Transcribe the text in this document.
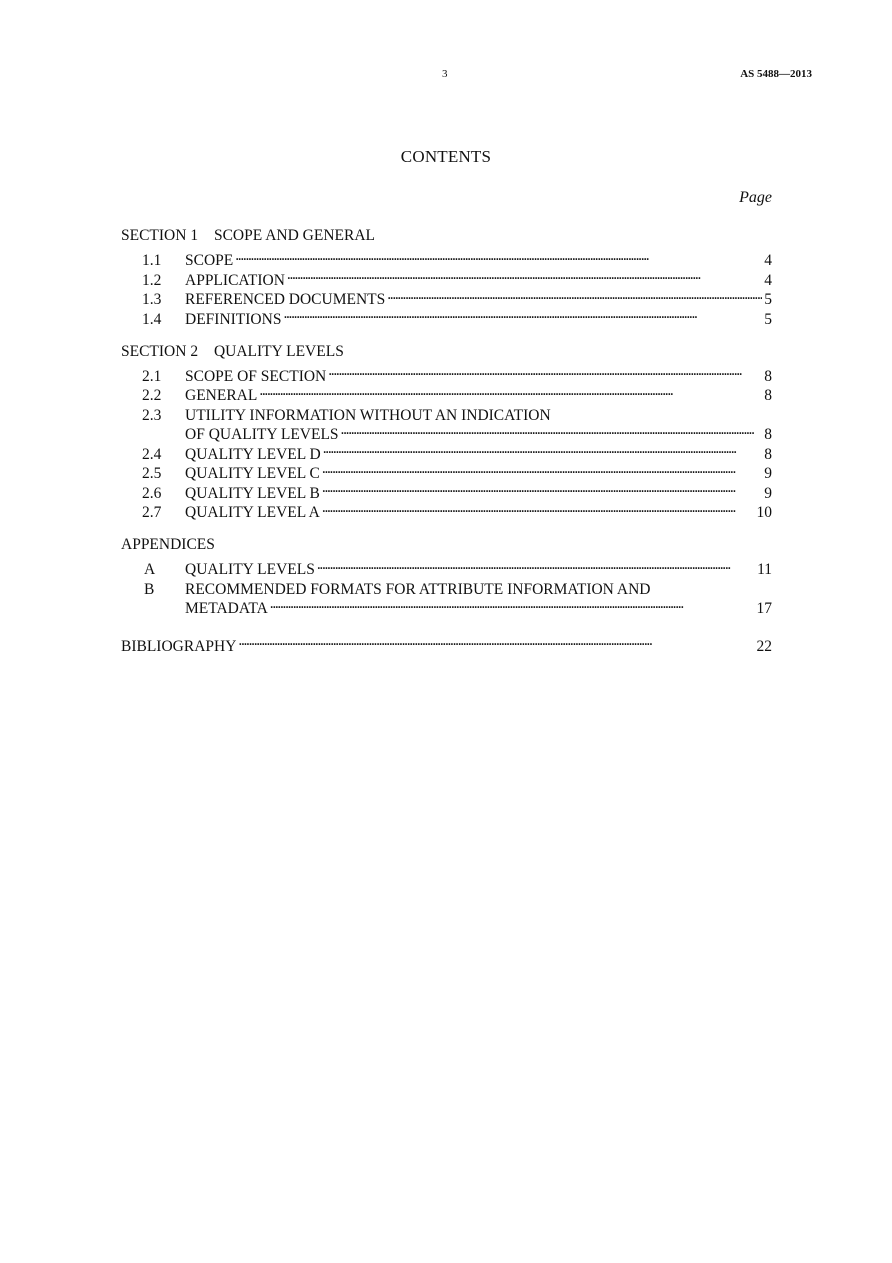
3	AS 5488—2013
CONTENTS
Page
SECTION 1 SCOPE AND GENERAL
1.1	SCOPE . . .	4
1.2	APPLICATION . . .	4
1.3	REFERENCED DOCUMENTS . . .	5
1.4	DEFINITIONS . . .	5
SECTION 2 QUALITY LEVELS
2.1	SCOPE OF SECTION . . .	8
2.2	GENERAL . . .	8
2.3	UTILITY INFORMATION WITHOUT AN INDICATION
OF QUALITY LEVELS . . .	8
2.4	QUALITY LEVEL D . . .	8
2.5	QUALITY LEVEL C . . .	9
2.6	QUALITY LEVEL B . . .	9
2.7	QUALITY LEVEL A . . .	10
APPENDICES
A	QUALITY LEVELS . . .	11
B	RECOMMENDED FORMATS FOR ATTRIBUTE INFORMATION AND
METADATA . . .	17
BIBLIOGRAPHY . . .	22
